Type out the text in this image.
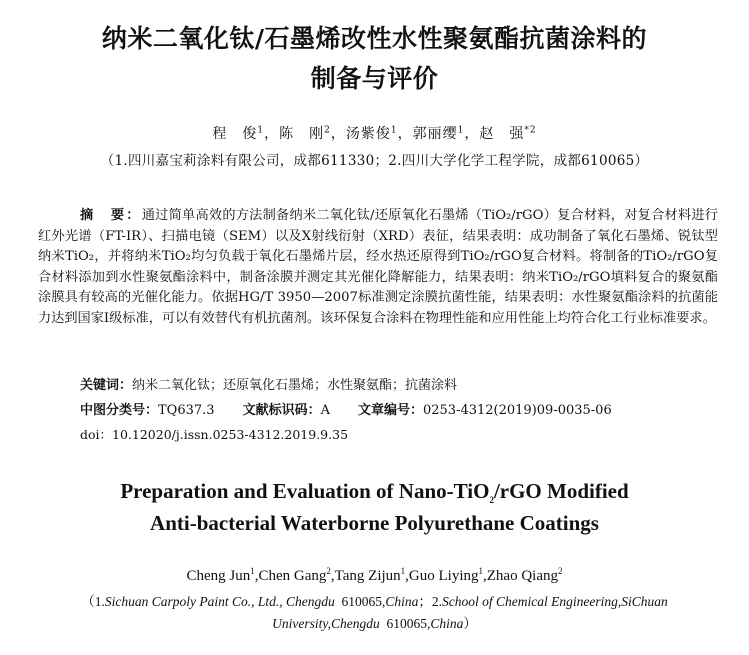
纳米二氧化钛/石墨烯改性水性聚氨酯抗菌涂料的
制备与评价
程　俊$^1$，陈　刚$^2$，汤紫俊$^1$，郭丽缨$^1$，赵　强$^{*2}$
（1.四川嘉宝莉涂料有限公司，成都611330；2.四川大学化学工程学院，成都610065）
摘　要：通过简单高效的方法制备纳米二氧化钛/还原氧化石墨烯（TiO₂/rGO）复合材料，对复合材料进行红外光谱（FT-IR）、扫描电镜（SEM）以及X射线衍射（XRD）表征，结果表明：成功制备了氧化石墨烯、锐钛型纳米TiO₂，并将纳米TiO₂均匀负载于氧化石墨烯片层，经水热还原得到TiO₂/rGO复合材料。将制备的TiO₂/rGO复合材料添加到水性聚氨酯涂料中，制备涂膜并测定其光催化降解能力，结果表明：纳米TiO₂/rGO填料复合的聚氨酯涂膜具有较高的光催化能力。依据HG/T 3950—2007标准测定涂膜抗菌性能，结果表明：水性聚氨酯涂料的抗菌能力达到国家Ⅰ级标准，可以有效替代有机抗菌剂。该环保复合涂料在物理性能和应用性能上均符合化工行业标准要求。
关键词：纳米二氧化钛；还原氧化石墨烯；水性聚氨酯；抗菌涂料
中图分类号：TQ637.3 文献标识码：A 文章编号：0253-4312(2019)09-0035-06
doi：10.12020/j.issn.0253-4312.2019.9.35
Preparation and Evaluation of Nano-TiO$_2$/rGO Modified
Anti-bacterial Waterborne Polyurethane Coatings
Cheng Jun$^1$,Chen Gang$^2$,Tang Zijun$^1$,Guo Liying$^1$,Zhao Qiang$^2$
（1.Sichuan Carpoly Paint Co., Ltd., Chengdu 610065,China；2.School of Chemical Engineering,SiChuan
University,Chengdu 610065,China）
